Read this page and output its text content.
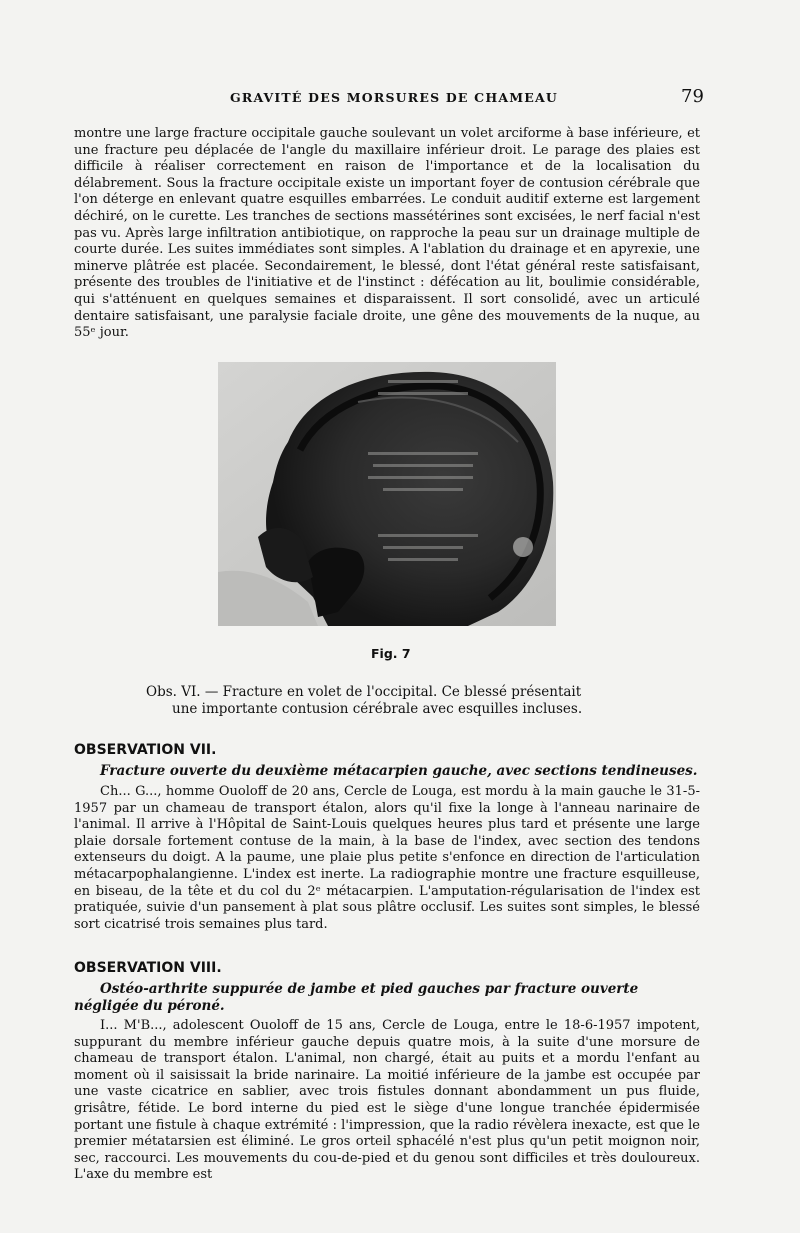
GRAVITÉ DES MORSURES DE CHAMEAU	79

montre une large fracture occipitale gauche soulevant un volet arciforme à base inférieure, et une fracture peu déplacée de l'angle du maxillaire inférieur droit. Le parage des plaies est difficile à réaliser correctement en raison de l'importance et de la localisation du délabrement. Sous la fracture occipitale existe un important foyer de contusion cérébrale que l'on déterge en enlevant quatre esquilles embarrées. Le conduit auditif externe est largement déchiré, on le curette. Les tranches de sections massétérines sont excisées, le nerf facial n'est pas vu. Après large infiltration antibiotique, on rapproche la peau sur un drainage multiple de courte durée. Les suites immédiates sont simples. A l'ablation du drainage et en apyrexie, une minerve plâtrée est placée. Secondairement, le blessé, dont l'état général reste satisfaisant, présente des troubles de l'initiative et de l'instinct : défécation au lit, boulimie considérable, qui s'atténuent en quelques semaines et disparaissent. Il sort consolidé, avec un articulé dentaire satisfaisant, une paralysie faciale droite, une gêne des mouvements de la nuque, au 55ᵉ jour.

Fig. 7
Obs. VI. — Fracture en volet de l'occipital. Ce blessé présentait
une importante contusion cérébrale avec esquilles incluses.
OBSERVATION VII.
Fracture ouverte du deuxième métacarpien gauche, avec sections tendineuses.

Ch... G..., homme Ouoloff de 20 ans, Cercle de Louga, est mordu à la main gauche le 31-5-1957 par un chameau de transport étalon, alors qu'il fixe la longe à l'anneau narinaire de l'animal. Il arrive à l'Hôpital de Saint-Louis quelques heures plus tard et présente une large plaie dorsale fortement contuse de la main, à la base de l'index, avec section des tendons extenseurs du doigt. A la paume, une plaie plus petite s'enfonce en direction de l'articulation métacarpophalangienne. L'index est inerte. La radiographie montre une fracture esquilleuse, en biseau, de la tête et du col du 2ᵉ métacarpien. L'amputation-régularisation de l'index est pratiquée, suivie d'un pansement à plat sous plâtre occlusif. Les suites sont simples, le blessé sort cicatrisé trois semaines plus tard.

OBSERVATION VIII.
Ostéo-arthrite suppurée de jambe et pied gauches par fracture ouverte négligée du péroné.

I... M'B..., adolescent Ouoloff de 15 ans, Cercle de Louga, entre le 18-6-1957 impotent, suppurant du membre inférieur gauche depuis quatre mois, à la suite d'une morsure de chameau de transport étalon. L'animal, non chargé, était au puits et a mordu l'enfant au moment où il saisissait la bride narinaire. La moitié inférieure de la jambe est occupée par une vaste cicatrice en sablier, avec trois fistules donnant abondamment un pus fluide, grisâtre, fétide. Le bord interne du pied est le siège d'une longue tranchée épidermisée portant une fistule à chaque extrémité : l'impression, que la radio révèlera inexacte, est que le premier métatarsien est éliminé. Le gros orteil sphacélé n'est plus qu'un petit moignon noir, sec, raccourci. Les mouvements du cou-de-pied et du genou sont difficiles et très douloureux. L'axe du membre est
